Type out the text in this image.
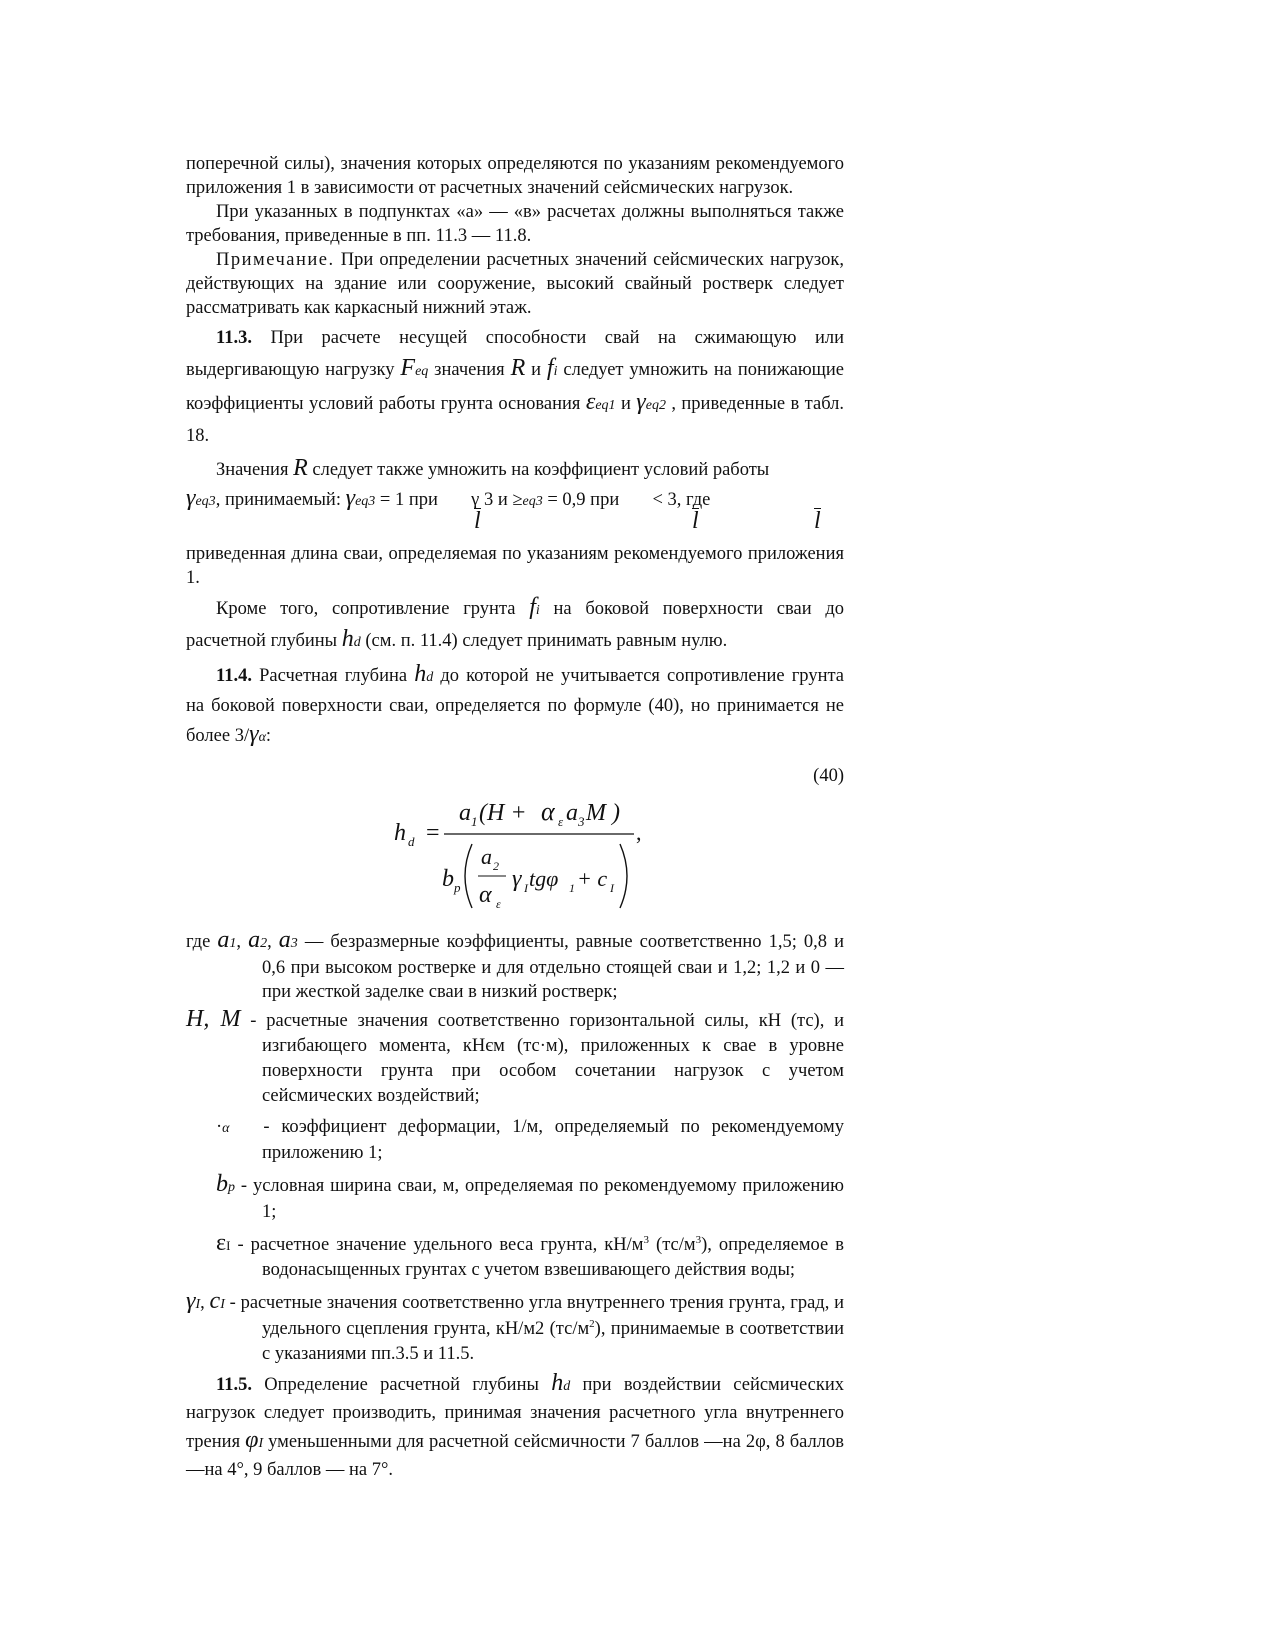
поперечной силы), значения которых определяются по указаниям рекомендуемого приложения 1 в зависимости от расчетных значений сейсмических нагрузок.

При указанных в подпунктах «а» — «в» расчетах должны выполняться также требования, приведенные в пп. 11.3 — 11.8.

Примечание. При определении расчетных значений сейсмических нагрузок, действующих на здание или сооружение, высокий свайный ростверк следует рассматривать как каркасный нижний этаж.

11.3. При расчете несущей способности свай на сжимающую или выдергивающую нагрузку Feq значения R и fi следует умножить на понижающие коэффициенты условий работы грунта основания εeq1 и γeq2 , приведенные в табл. 18.

Значения R следует также умножить на коэффициент условий работы
γeq3, принимаемый: γeq3 = 1 при  γ 3 и ≥eq3 = 0,9 при  < 3, где

l	l	l

приведенная длина сваи, определяемая по указаниям рекомендуемого приложения 1.

Кроме того, сопротивление грунта fi на боковой поверхности сваи до расчетной глубины hd (см. п. 11.4) следует принимать равным нулю.

11.4. Расчетная глубина hd до которой не учитывается сопротивление грунта на боковой поверхности сваи, определяется по формуле (40), но принимается не более 3/γα:

(40)
h d =
a 1 (H + α ε a 3 M )
b p
a 2
α ε
γ I tgφ 1 + c I
,

где a1, a2, a3 — безразмерные коэффициенты, равные соответственно 1,5; 0,8 и 0,6 при высоком ростверке и для отдельно стоящей сваи и 1,2; 1,2 и 0 — при жесткой заделке сваи в низкий ростверк;

H, M - расчетные значения соответственно горизонтальной силы, кН (тс), и изгибающего момента, кНєм (тс·м), приложенных к свае в уровне поверхности грунта при особом сочетании нагрузок с учетом сейсмических воздействий;

·α - коэффициент деформации, 1/м, определяемый по рекомендуемому приложению 1;

bp - условная ширина сваи, м, определяемая по рекомендуемому приложению 1;

εI - расчетное значение удельного веса грунта, $кН/м^3$ $(тс/м^3)$, определяемое в водонасыщенных грунтах с учетом взвешивающего действия воды;

γI, cI - расчетные значения соответственно угла внутреннего трения грунта, град, и удельного сцепления грунта, кН/м2 $(тс/м^2)$, принимаемые в соответствии с указаниями пп.3.5 и 11.5.

11.5. Определение расчетной глубины hd при воздействии сейсмических нагрузок следует производить, принимая значения расчетного угла внутреннего трения φI уменьшенными для расчетной сейсмичности 7 баллов —на 2φ, 8 баллов —на 4°, 9 баллов — на 7°.
